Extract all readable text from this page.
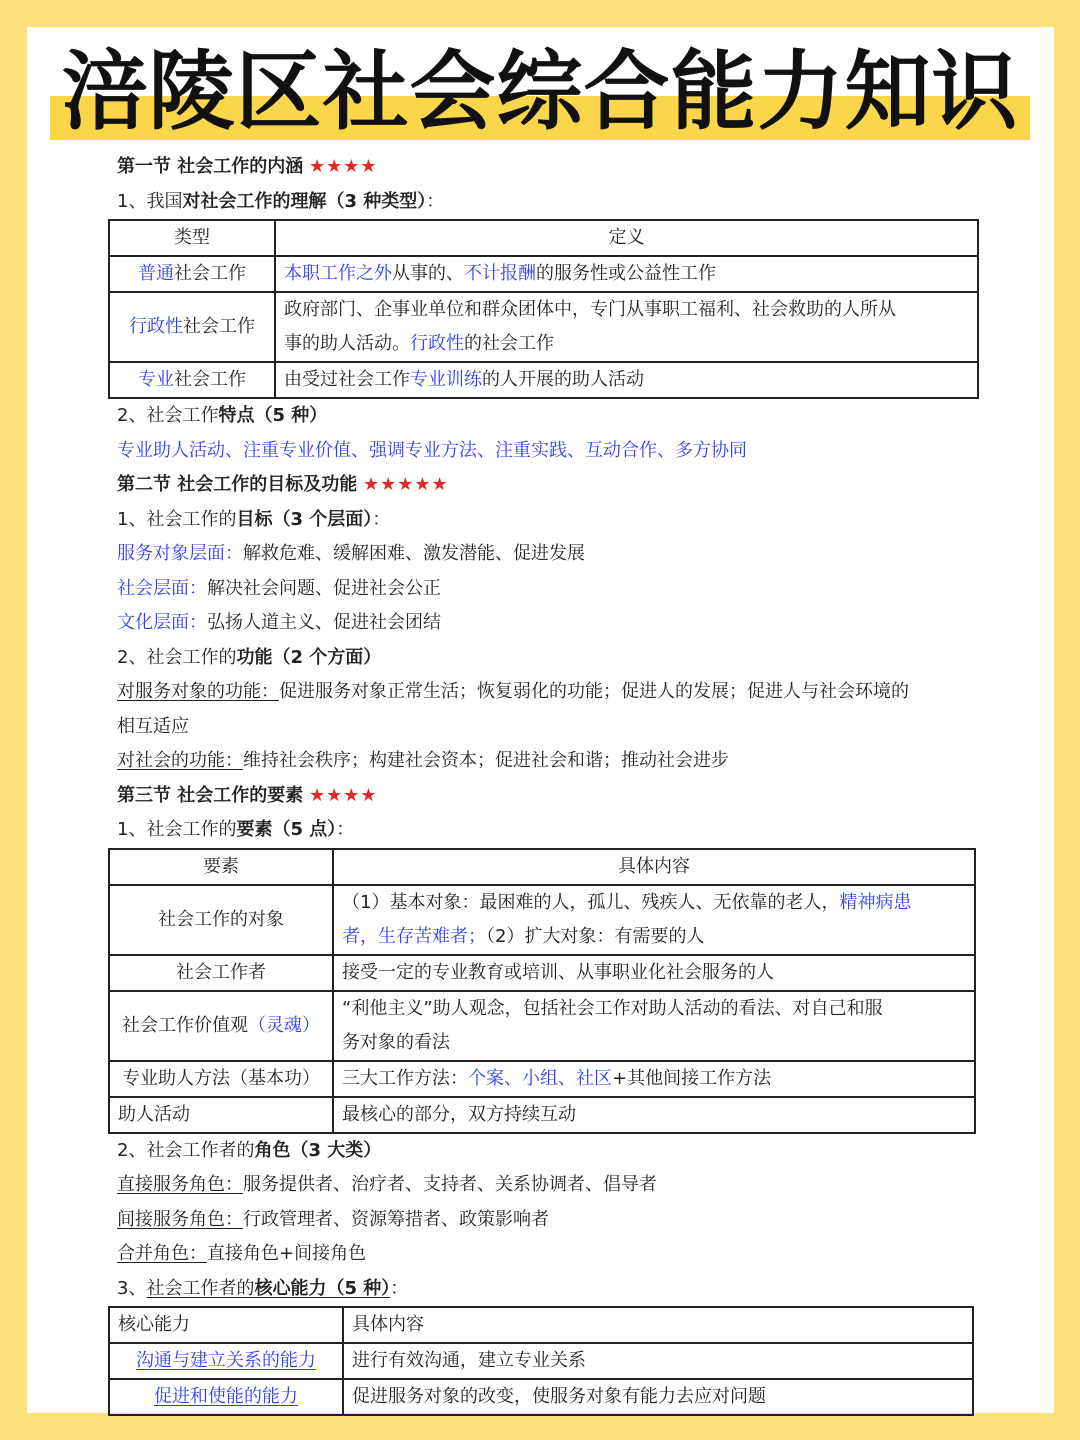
涪陵区社会综合能力知识
第一节 社会工作的内涵 ★★★★
1、我国对社会工作的理解（3 种类型）：
类型	定义
普通社会工作	本职工作之外从事的、不计报酬的服务性或公益性工作
行政性社会工作	政府部门、企事业单位和群众团体中，专门从事职工福利、社会救助的人所从
事的助人活动。行政性的社会工作

专业社会工作	由受过社会工作专业训练的人开展的助人活动
2、社会工作特点（5 种）
专业助人活动、注重专业价值、强调专业方法、注重实践、互动合作、多方协同
第二节 社会工作的目标及功能 ★★★★★
1、社会工作的目标（3 个层面）：
服务对象层面：解救危难、缓解困难、激发潜能、促进发展
社会层面：解决社会问题、促进社会公正
文化层面：弘扬人道主义、促进社会团结
2、社会工作的功能（2 个方面）
对服务对象的功能：促进服务对象正常生活；恢复弱化的功能；促进人的发展；促进人与社会环境的
相互适应
对社会的功能：维持社会秩序；构建社会资本；促进社会和谐；推动社会进步
第三节 社会工作的要素 ★★★★
1、社会工作的要素（5 点）：
要素	具体内容
社会工作的对象	（1）基本对象：最困难的人，孤儿、残疾人、无依靠的老人，精神病患
者，生存苦难者；（2）扩大对象：有需要的人

社会工作者	接受一定的专业教育或培训、从事职业化社会服务的人
社会工作价值观（灵魂）	“利他主义”助人观念，包括社会工作对助人活动的看法、对自己和服
务对象的看法

专业助人方法（基本功）	三大工作方法：个案、小组、社区+其他间接工作方法
助人活动	最核心的部分，双方持续互动
2、社会工作者的角色（3 大类）
直接服务角色：服务提供者、治疗者、支持者、关系协调者、倡导者
间接服务角色：行政管理者、资源筹措者、政策影响者
合并角色：直接角色+间接角色
3、社会工作者的核心能力（5 种）：
核心能力	具体内容
沟通与建立关系的能力	进行有效沟通，建立专业关系
促进和使能的能力	促进服务对象的改变，使服务对象有能力去应对问题
